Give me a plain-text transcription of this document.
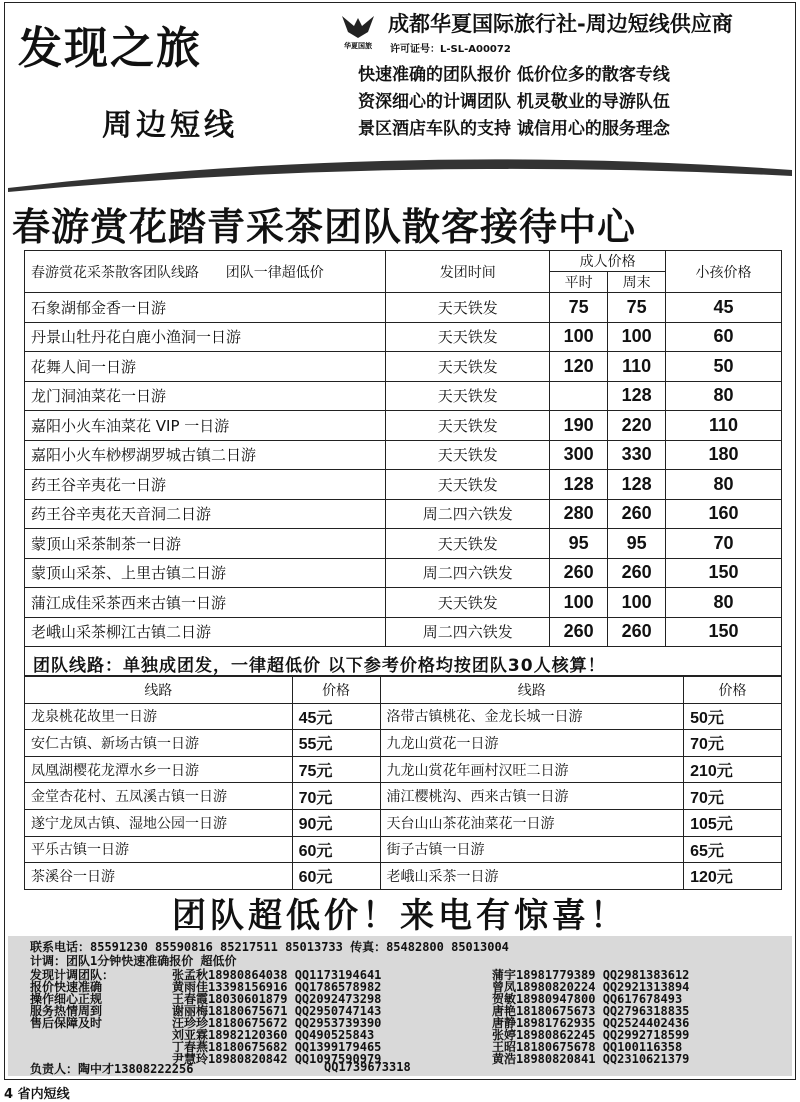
发现之旅
周边短线
华夏国旅
成都华夏国际旅行社-周边短线供应商
许可证号：L-SL-A00072
快速准确的团队报价 低价位多的散客专线
资深细心的计调团队 机灵敬业的导游队伍
景区酒店车队的支持 诚信用心的服务理念
春游赏花踏青采茶团队散客接待中心
春游赏花采茶散客团队线路 团队一律超低价	发团时间	成人价格		小孩价格
		平时	周末	
石象湖郁金香一日游	天天铁发	75	75	45
丹景山牡丹花白鹿小渔洞一日游	天天铁发	100	100	60
花舞人间一日游	天天铁发	120	110	50
龙门洞油菜花一日游	天天铁发		128	80
嘉阳小火车油菜花 VIP 一日游	天天铁发	190	220	110
嘉阳小火车桫椤湖罗城古镇二日游	天天铁发	300	330	180
药王谷辛夷花一日游	天天铁发	128	128	80
药王谷辛夷花天音洞二日游	周二四六铁发	280	260	160
蒙顶山采茶制茶一日游	天天铁发	95	95	70
蒙顶山采茶、上里古镇二日游	周二四六铁发	260	260	150
蒲江成佳采茶西来古镇一日游	天天铁发	100	100	80
老峨山采茶柳江古镇二日游	周二四六铁发	260	260	150
团队线路：单独成团发，一律超低价 以下参考价格均按团队30人核算！
线路	价格	线路	价格
龙泉桃花故里一日游	45元	洛带古镇桃花、金龙长城一日游	50元
安仁古镇、新场古镇一日游	55元	九龙山赏花一日游	70元
凤凰湖樱花龙潭水乡一日游	75元	九龙山赏花年画村汉旺二日游	210元
金堂杏花村、五凤溪古镇一日游	70元	浦江樱桃沟、西来古镇一日游	70元
遂宁龙凤古镇、湿地公园一日游	90元	天台山山茶花油菜花一日游	105元
平乐古镇一日游	60元	街子古镇一日游	65元
茶溪谷一日游	60元	老峨山采茶一日游	120元
团队超低价！来电有惊喜！
联系电话：85591230 85590816 85217511 85013733 传真：85482800 85013004
计调：团队1分钟快速准确报价 超低价
发现计调团队：	张孟秋18980864038 QQ1173194641	蒲宇18981779389 QQ2981383612
报价快速准确	黄雨佳13398156916 QQ1786578982	曾凤18980820224 QQ2921313894
操作细心正规	王春霞18030601879 QQ2092473298	贺敏18980947800 QQ617678493
服务热情周到	谢丽梅18180675671 QQ2950747143	唐艳18180675673 QQ2796318835
售后保障及时	汪珍珍18180675672 QQ2953739390	唐静18981762935 QQ2524402436
刘亚霖18982120360 QQ490525843	张婷18980862245 QQ2992718599
丁春燕18180675682 QQ1399179465	王昭18180675678 QQ100116358
尹慧玲18980820842 QQ1097590979	黄浩18980820841 QQ2310621379
负责人：陶中才13808222256	QQ1739673318
4 省内短线
